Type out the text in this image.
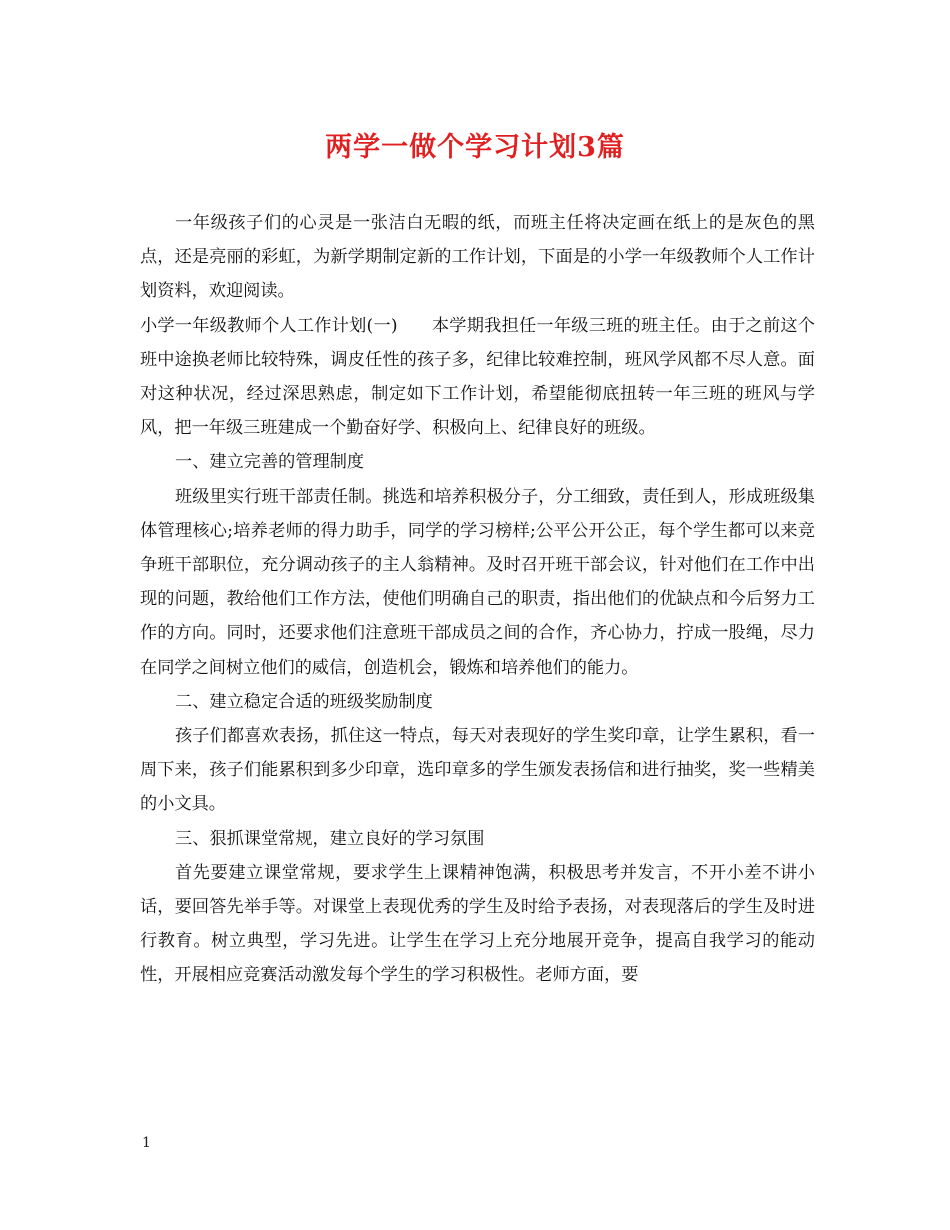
两学一做个学习计划3篇

一年级孩子们的心灵是一张洁白无暇的纸，而班主任将决定画在纸上的是灰色的黑点，还是亮丽的彩虹，为新学期制定新的工作计划，下面是的小学一年级教师个人工作计划资料，欢迎阅读。

小学一年级教师个人工作计划(一) 本学期我担任一年级三班的班主任。由于之前这个班中途换老师比较特殊，调皮任性的孩子多，纪律比较难控制，班风学风都不尽人意。面对这种状况，经过深思熟虑，制定如下工作计划，希望能彻底扭转一年三班的班风与学风，把一年级三班建成一个勤奋好学、积极向上、纪律良好的班级。

一、建立完善的管理制度

班级里实行班干部责任制。挑选和培养积极分子，分工细致，责任到人，形成班级集体管理核心;培养老师的得力助手，同学的学习榜样;公平公开公正，每个学生都可以来竞争班干部职位，充分调动孩子的主人翁精神。及时召开班干部会议，针对他们在工作中出现的问题，教给他们工作方法，使他们明确自己的职责，指出他们的优缺点和今后努力工作的方向。同时，还要求他们注意班干部成员之间的合作，齐心协力，拧成一股绳，尽力在同学之间树立他们的威信，创造机会，锻炼和培养他们的能力。

二、建立稳定合适的班级奖励制度

孩子们都喜欢表扬，抓住这一特点，每天对表现好的学生奖印章，让学生累积，看一周下来，孩子们能累积到多少印章，选印章多的学生颁发表扬信和进行抽奖，奖一些精美的小文具。

三、狠抓课堂常规，建立良好的学习氛围

首先要建立课堂常规，要求学生上课精神饱满，积极思考并发言，不开小差不讲小话，要回答先举手等。对课堂上表现优秀的学生及时给予表扬，对表现落后的学生及时进行教育。树立典型，学习先进。让学生在学习上充分地展开竞争，提高自我学习的能动性，开展相应竞赛活动激发每个学生的学习积极性。老师方面，要

1
